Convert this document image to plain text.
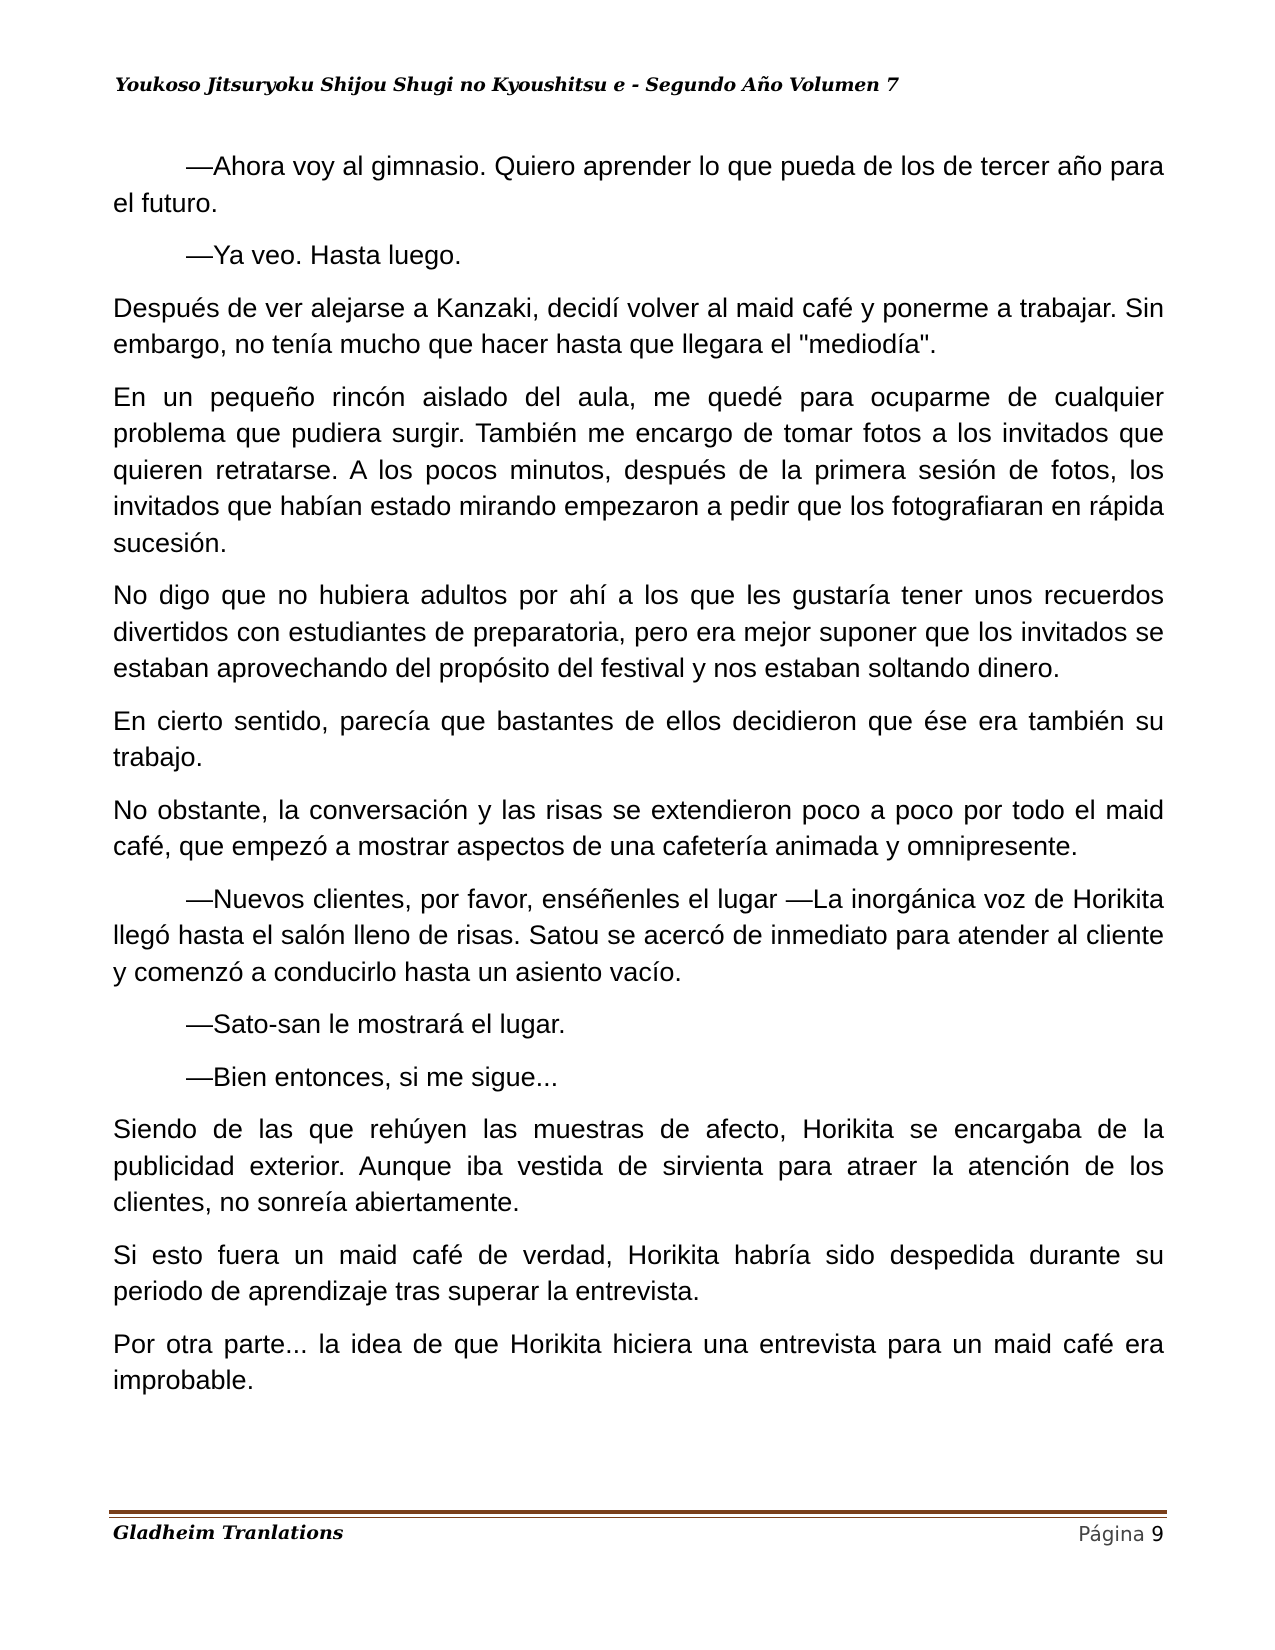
Youkoso Jitsuryoku Shijou Shugi no Kyoushitsu e - Segundo Año Volumen 7

—Ahora voy al gimnasio. Quiero aprender lo que pueda de los de tercer año para el futuro.

—Ya veo. Hasta luego.

Después de ver alejarse a Kanzaki, decidí volver al maid café y ponerme a trabajar. Sin embargo, no tenía mucho que hacer hasta que llegara el "mediodía".

En un pequeño rincón aislado del aula, me quedé para ocuparme de cualquier problema que pudiera surgir. También me encargo de tomar fotos a los invitados que quieren retratarse. A los pocos minutos, después de la primera sesión de fotos, los invitados que habían estado mirando empezaron a pedir que los fotografiaran en rápida sucesión.

No digo que no hubiera adultos por ahí a los que les gustaría tener unos recuerdos divertidos con estudiantes de preparatoria, pero era mejor suponer que los invitados se estaban aprovechando del propósito del festival y nos estaban soltando dinero.

En cierto sentido, parecía que bastantes de ellos decidieron que ése era también su trabajo.

No obstante, la conversación y las risas se extendieron poco a poco por todo el maid café, que empezó a mostrar aspectos de una cafetería animada y omnipresente.

—Nuevos clientes, por favor, enséñenles el lugar —La inorgánica voz de Horikita llegó hasta el salón lleno de risas. Satou se acercó de inmediato para atender al cliente y comenzó a conducirlo hasta un asiento vacío.

—Sato-san le mostrará el lugar.

—Bien entonces, si me sigue...

Siendo de las que rehúyen las muestras de afecto, Horikita se encargaba de la publicidad exterior. Aunque iba vestida de sirvienta para atraer la atención de los clientes, no sonreía abiertamente.

Si esto fuera un maid café de verdad, Horikita habría sido despedida durante su periodo de aprendizaje tras superar la entrevista.

Por otra parte... la idea de que Horikita hiciera una entrevista para un maid café era improbable.

Gladheim Tranlations	Página 9
